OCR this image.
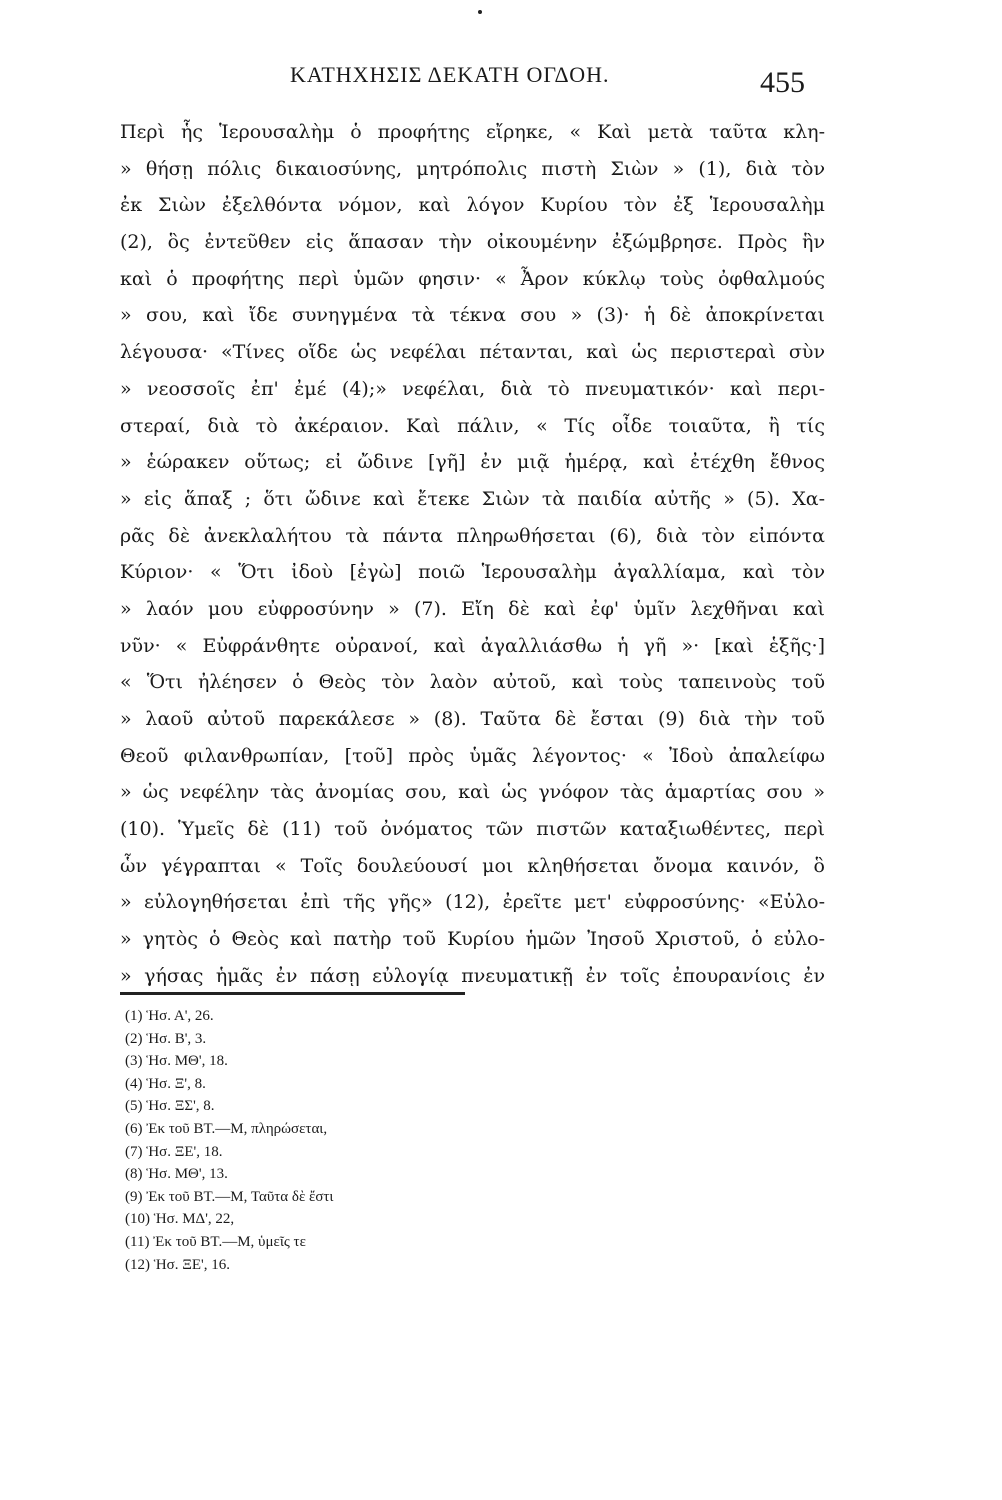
ΚΑΤΗΧΗΣΙΣ ΔΕΚΑΤΗ ΟΓΔΟΗ.	455
Περὶ ἧς Ἱερουσαλὴμ ὁ προφήτης εἴρηκε, « Καὶ μετὰ ταῦτα κλη-
» θήσῃ πόλις δικαιοσύνης, μητρόπολις πιστὴ Σιὼν » (1), διὰ τὸν
ἐκ Σιὼν ἐξελθόντα νόμον, καὶ λόγον Κυρίου τὸν ἐξ Ἱερουσαλὴμ
(2), ὃς ἐντεῦθεν εἰς ἅπασαν τὴν οἰκουμένην ἐξώμβρησε. Πρὸς ἣν
καὶ ὁ προφήτης περὶ ὑμῶν φησιν· « Ἆρον κύκλῳ τοὺς ὀφθαλμούς
» σου, καὶ ἴδε συνηγμένα τὰ τέκνα σου » (3)· ἡ δὲ ἀποκρίνεται
λέγουσα· «Τίνες οἵδε ὡς νεφέλαι πέτανται, καὶ ὡς περιστεραὶ σὺν
» νεοσσοῖς ἐπ' ἐμέ (4);» νεφέλαι, διὰ τὸ πνευματικόν· καὶ περι-
στεραί, διὰ τὸ ἀκέραιον. Καὶ πάλιν, « Τίς οἶδε τοιαῦτα, ἢ τίς
» ἑώρακεν οὕτως; εἰ ὤδινε [γῆ] ἐν μιᾷ ἡμέρᾳ, καὶ ἐτέχθη ἔθνος
» εἰς ἅπαξ ; ὅτι ὤδινε καὶ ἔτεκε Σιὼν τὰ παιδία αὐτῆς » (5). Χα-
ρᾶς δὲ ἀνεκλαλήτου τὰ πάντα πληρωθήσεται (6), διὰ τὸν εἰπόντα
Κύριον· « Ὅτι ἰδοὺ [ἐγὼ] ποιῶ Ἱερουσαλὴμ ἀγαλλίαμα, καὶ τὸν
» λαόν μου εὐφροσύνην » (7). Εἴη δὲ καὶ ἐφ' ὑμῖν λεχθῆναι καὶ
νῦν· « Εὐφράνθητε οὐρανοί, καὶ ἀγαλλιάσθω ἡ γῆ »· [καὶ ἑξῆς·]
« Ὅτι ἠλέησεν ὁ Θεὸς τὸν λαὸν αὐτοῦ, καὶ τοὺς ταπεινοὺς τοῦ
» λαοῦ αὐτοῦ παρεκάλεσε » (8). Ταῦτα δὲ ἔσται (9) διὰ τὴν τοῦ
Θεοῦ φιλανθρωπίαν, [τοῦ] πρὸς ὑμᾶς λέγοντος· « Ἰδοὺ ἀπαλείφω
» ὡς νεφέλην τὰς ἀνομίας σου, καὶ ὡς γνόφον τὰς ἁμαρτίας σου »
(10). Ὑμεῖς δὲ (11) τοῦ ὀνόματος τῶν πιστῶν καταξιωθέντες, περὶ
ὧν γέγραπται « Τοῖς δουλεύουσί μοι κληθήσεται ὄνομα καινόν, ὃ
» εὐλογηθήσεται ἐπὶ τῆς γῆς» (12), ἐρεῖτε μετ' εὐφροσύνης· «Εὐλο-
» γητὸς ὁ Θεὸς καὶ πατὴρ τοῦ Κυρίου ἡμῶν Ἰησοῦ Χριστοῦ, ὁ εὐλο-
» γήσας ἡμᾶς ἐν πάσῃ εὐλογίᾳ πνευματικῇ ἐν τοῖς ἐπουρανίοις ἐν
(1) Ἡσ. Α', 26.
(2) Ἡσ. Β', 3.
(3) Ἡσ. ΜΘ', 18.
(4) Ἡσ. Ξ', 8.
(5) Ἡσ. ΞΣ', 8.
(6) Ἐκ τοῦ ΒΤ.—Μ, πληρώσεται,
(7) Ἡσ. ΞΕ', 18.
(8) Ἡσ. ΜΘ', 13.
(9) Ἐκ τοῦ ΒΤ.—Μ, Ταῦτα δὲ ἔστι
(10) Ἡσ. ΜΔ', 22,
(11) Ἐκ τοῦ ΒΤ.—Μ, ὑμεῖς τε
(12) Ἡσ. ΞΕ', 16.
